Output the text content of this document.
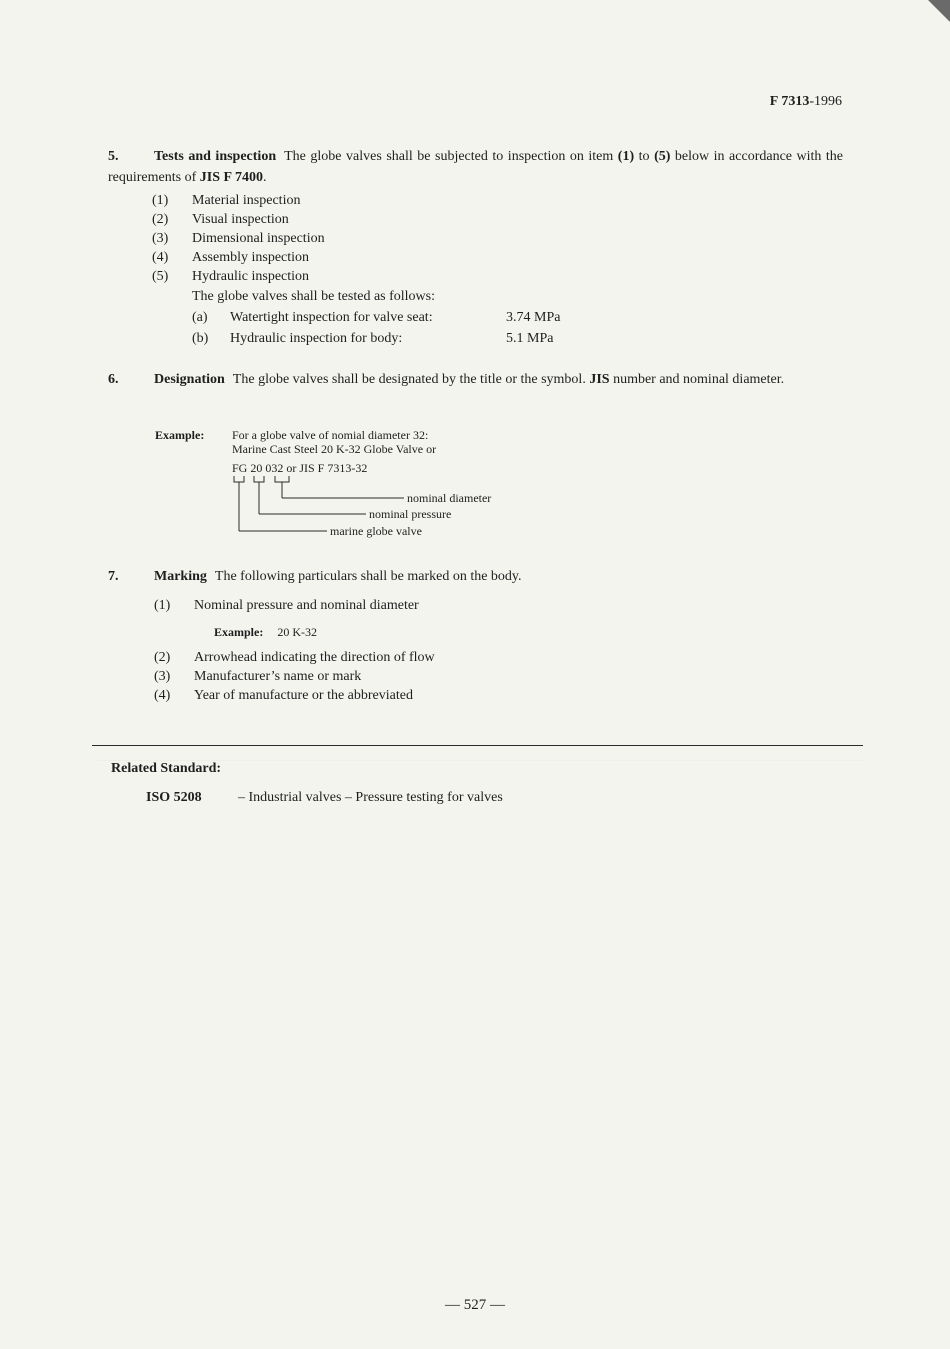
F 7313-1996
5.	Tests and inspection The globe valves shall be subjected to inspection on item (1) to (5) below in accordance with the requirements of JIS F 7400.
(1) Material inspection
(2) Visual inspection
(3) Dimensional inspection
(4) Assembly inspection
(5) Hydraulic inspection
The globe valves shall be tested as follows:
(a) Watertight inspection for valve seat:	3.74 MPa
(b) Hydraulic inspection for body:	5.1 MPa
6.	Designation The globe valves shall be designated by the title or the symbol. JIS number and nominal diameter.
Example: For a globe valve of nomial diameter 32:
Marine Cast Steel 20 K-32 Globe Valve or
FG 20 032 or JIS F 7313-32
nominal diameter
nominal pressure
marine globe valve
7.	Marking The following particulars shall be marked on the body.
(1) Nominal pressure and nominal diameter
Example: 20 K-32
(2) Arrowhead indicating the direction of flow
(3) Manufacturer’s name or mark
(4) Year of manufacture or the abbreviated
Related Standard:
ISO 5208	– Industrial valves – Pressure testing for valves
— 527 —
